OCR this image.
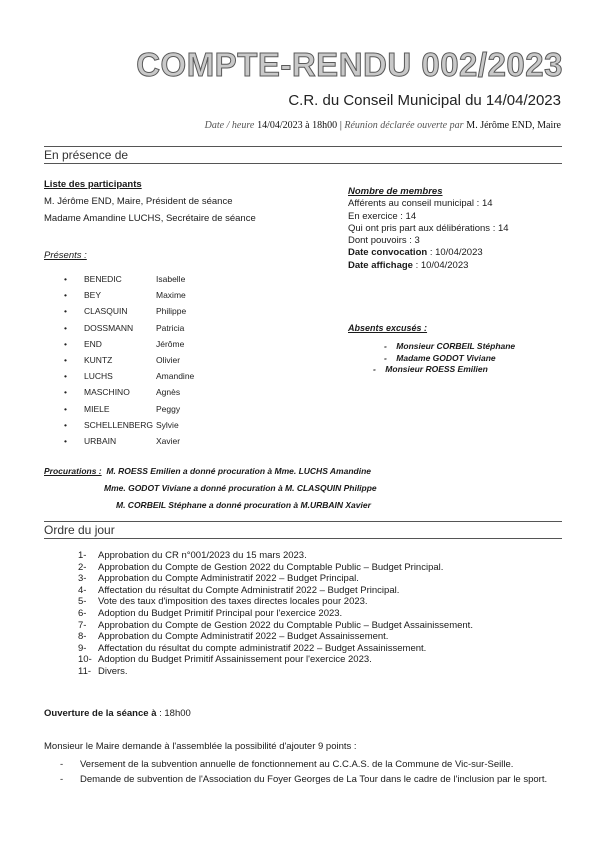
COMPTE-RENDU 002/2023
C.R. du Conseil Municipal du 14/04/2023
Date / heure 14/04/2023 à 18h00 | Réunion déclarée ouverte par M. Jérôme END, Maire
En présence de
Liste des participants
M. Jérôme END, Maire, Président de séance
Madame Amandine LUCHS, Secrétaire de séance
Nombre de membres
Afférents au conseil municipal : 14
En exercice : 14
Qui ont pris part aux délibérations : 14
Dont pouvoirs : 3
Date convocation : 10/04/2023
Date affichage : 10/04/2023
Présents :
•	BENEDIC	Isabelle
•	BEY	Maxime
•	CLASQUIN	Philippe
•	DOSSMANN	Patricia
•	END	Jérôme
•	KUNTZ	Olivier
•	LUCHS	Amandine
•	MASCHINO	Agnès
•	MIELE	Peggy
•	SCHELLENBERG Sylvie
•	URBAIN	Xavier
Absents excusés :
- Monsieur CORBEIL Stéphane
- Madame GODOT Viviane
- Monsieur ROESS Emilien
Procurations : M. ROESS Emilien a donné procuration à Mme. LUCHS Amandine
Mme. GODOT Viviane a donné procuration à M. CLASQUIN Philippe
M. CORBEIL Stéphane a donné procuration à M.URBAIN Xavier
Ordre du jour
1-	Approbation du CR n°001/2023 du 15 mars 2023.
2-	Approbation du Compte de Gestion 2022 du Comptable Public – Budget Principal.
3-	Approbation du Compte Administratif 2022 – Budget Principal.
4-	Affectation du résultat du Compte Administratif 2022 – Budget Principal.
5-	Vote des taux d'imposition des taxes directes locales pour 2023.
6-	Adoption du Budget Primitif Principal pour l'exercice 2023.
7-	Approbation du Compte de Gestion 2022 du Comptable Public – Budget Assainissement.
8-	Approbation du Compte Administratif 2022 – Budget Assainissement.
9-	Affectation du résultat du compte administratif 2022 – Budget Assainissement.
10- Adoption du Budget Primitif Assainissement pour l'exercice 2023.
11- Divers.
Ouverture de la séance à : 18h00
Monsieur le Maire demande à l'assemblée la possibilité d'ajouter 9 points :
-	Versement de la subvention annuelle de fonctionnement au C.C.A.S. de la Commune de Vic-sur-Seille.
-	Demande de subvention de l'Association du Foyer Georges de La Tour dans le cadre de l'inclusion par le sport.
